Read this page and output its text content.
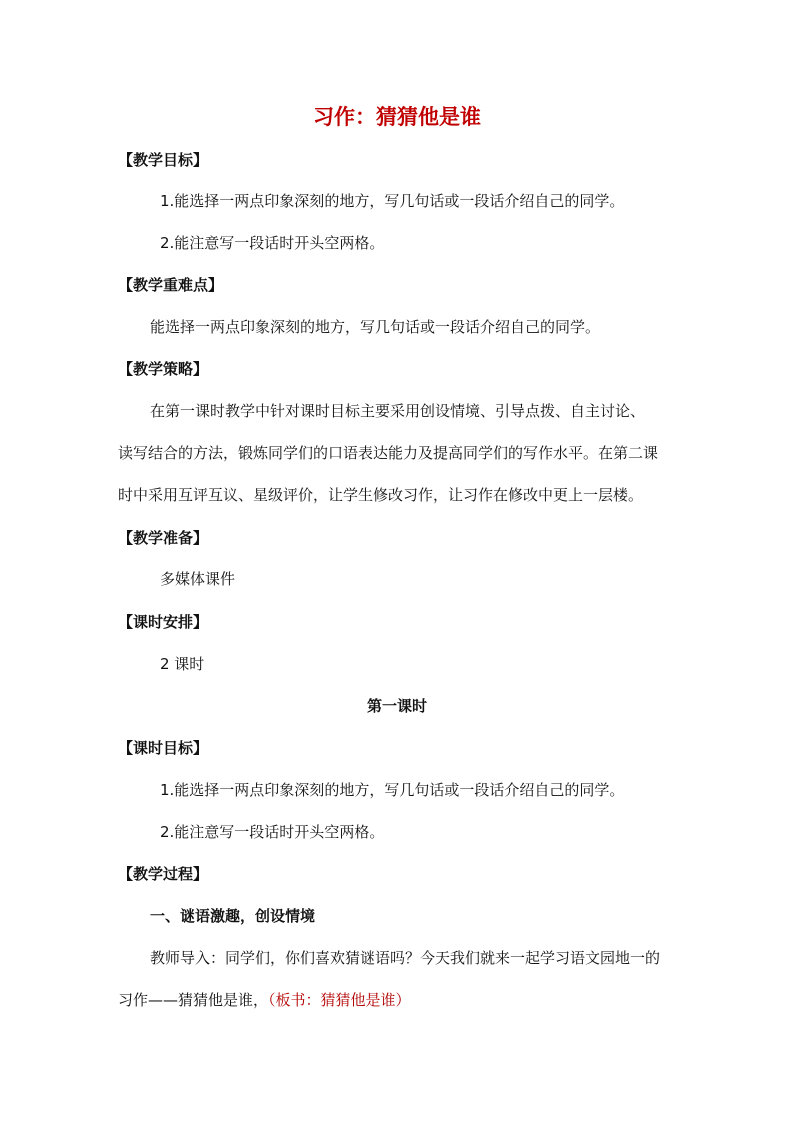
习作：猜猜他是谁

【教学目标】

1.能选择一两点印象深刻的地方，写几句话或一段话介绍自己的同学。

2.能注意写一段话时开头空两格。

【教学重难点】

能选择一两点印象深刻的地方，写几句话或一段话介绍自己的同学。

【教学策略】

在第一课时教学中针对课时目标主要采用创设情境、引导点拨、自主讨论、

读写结合的方法，锻炼同学们的口语表达能力及提高同学们的写作水平。在第二课

时中采用互评互议、星级评价，让学生修改习作，让习作在修改中更上一层楼。

【教学准备】

多媒体课件

【课时安排】

2 课时

第一课时

【课时目标】

1.能选择一两点印象深刻的地方，写几句话或一段话介绍自己的同学。

2.能注意写一段话时开头空两格。

【教学过程】

一、谜语激趣，创设情境

教师导入：同学们，你们喜欢猜谜语吗？今天我们就来一起学习语文园地一的

习作——猜猜他是谁，（板书：猜猜他是谁）
